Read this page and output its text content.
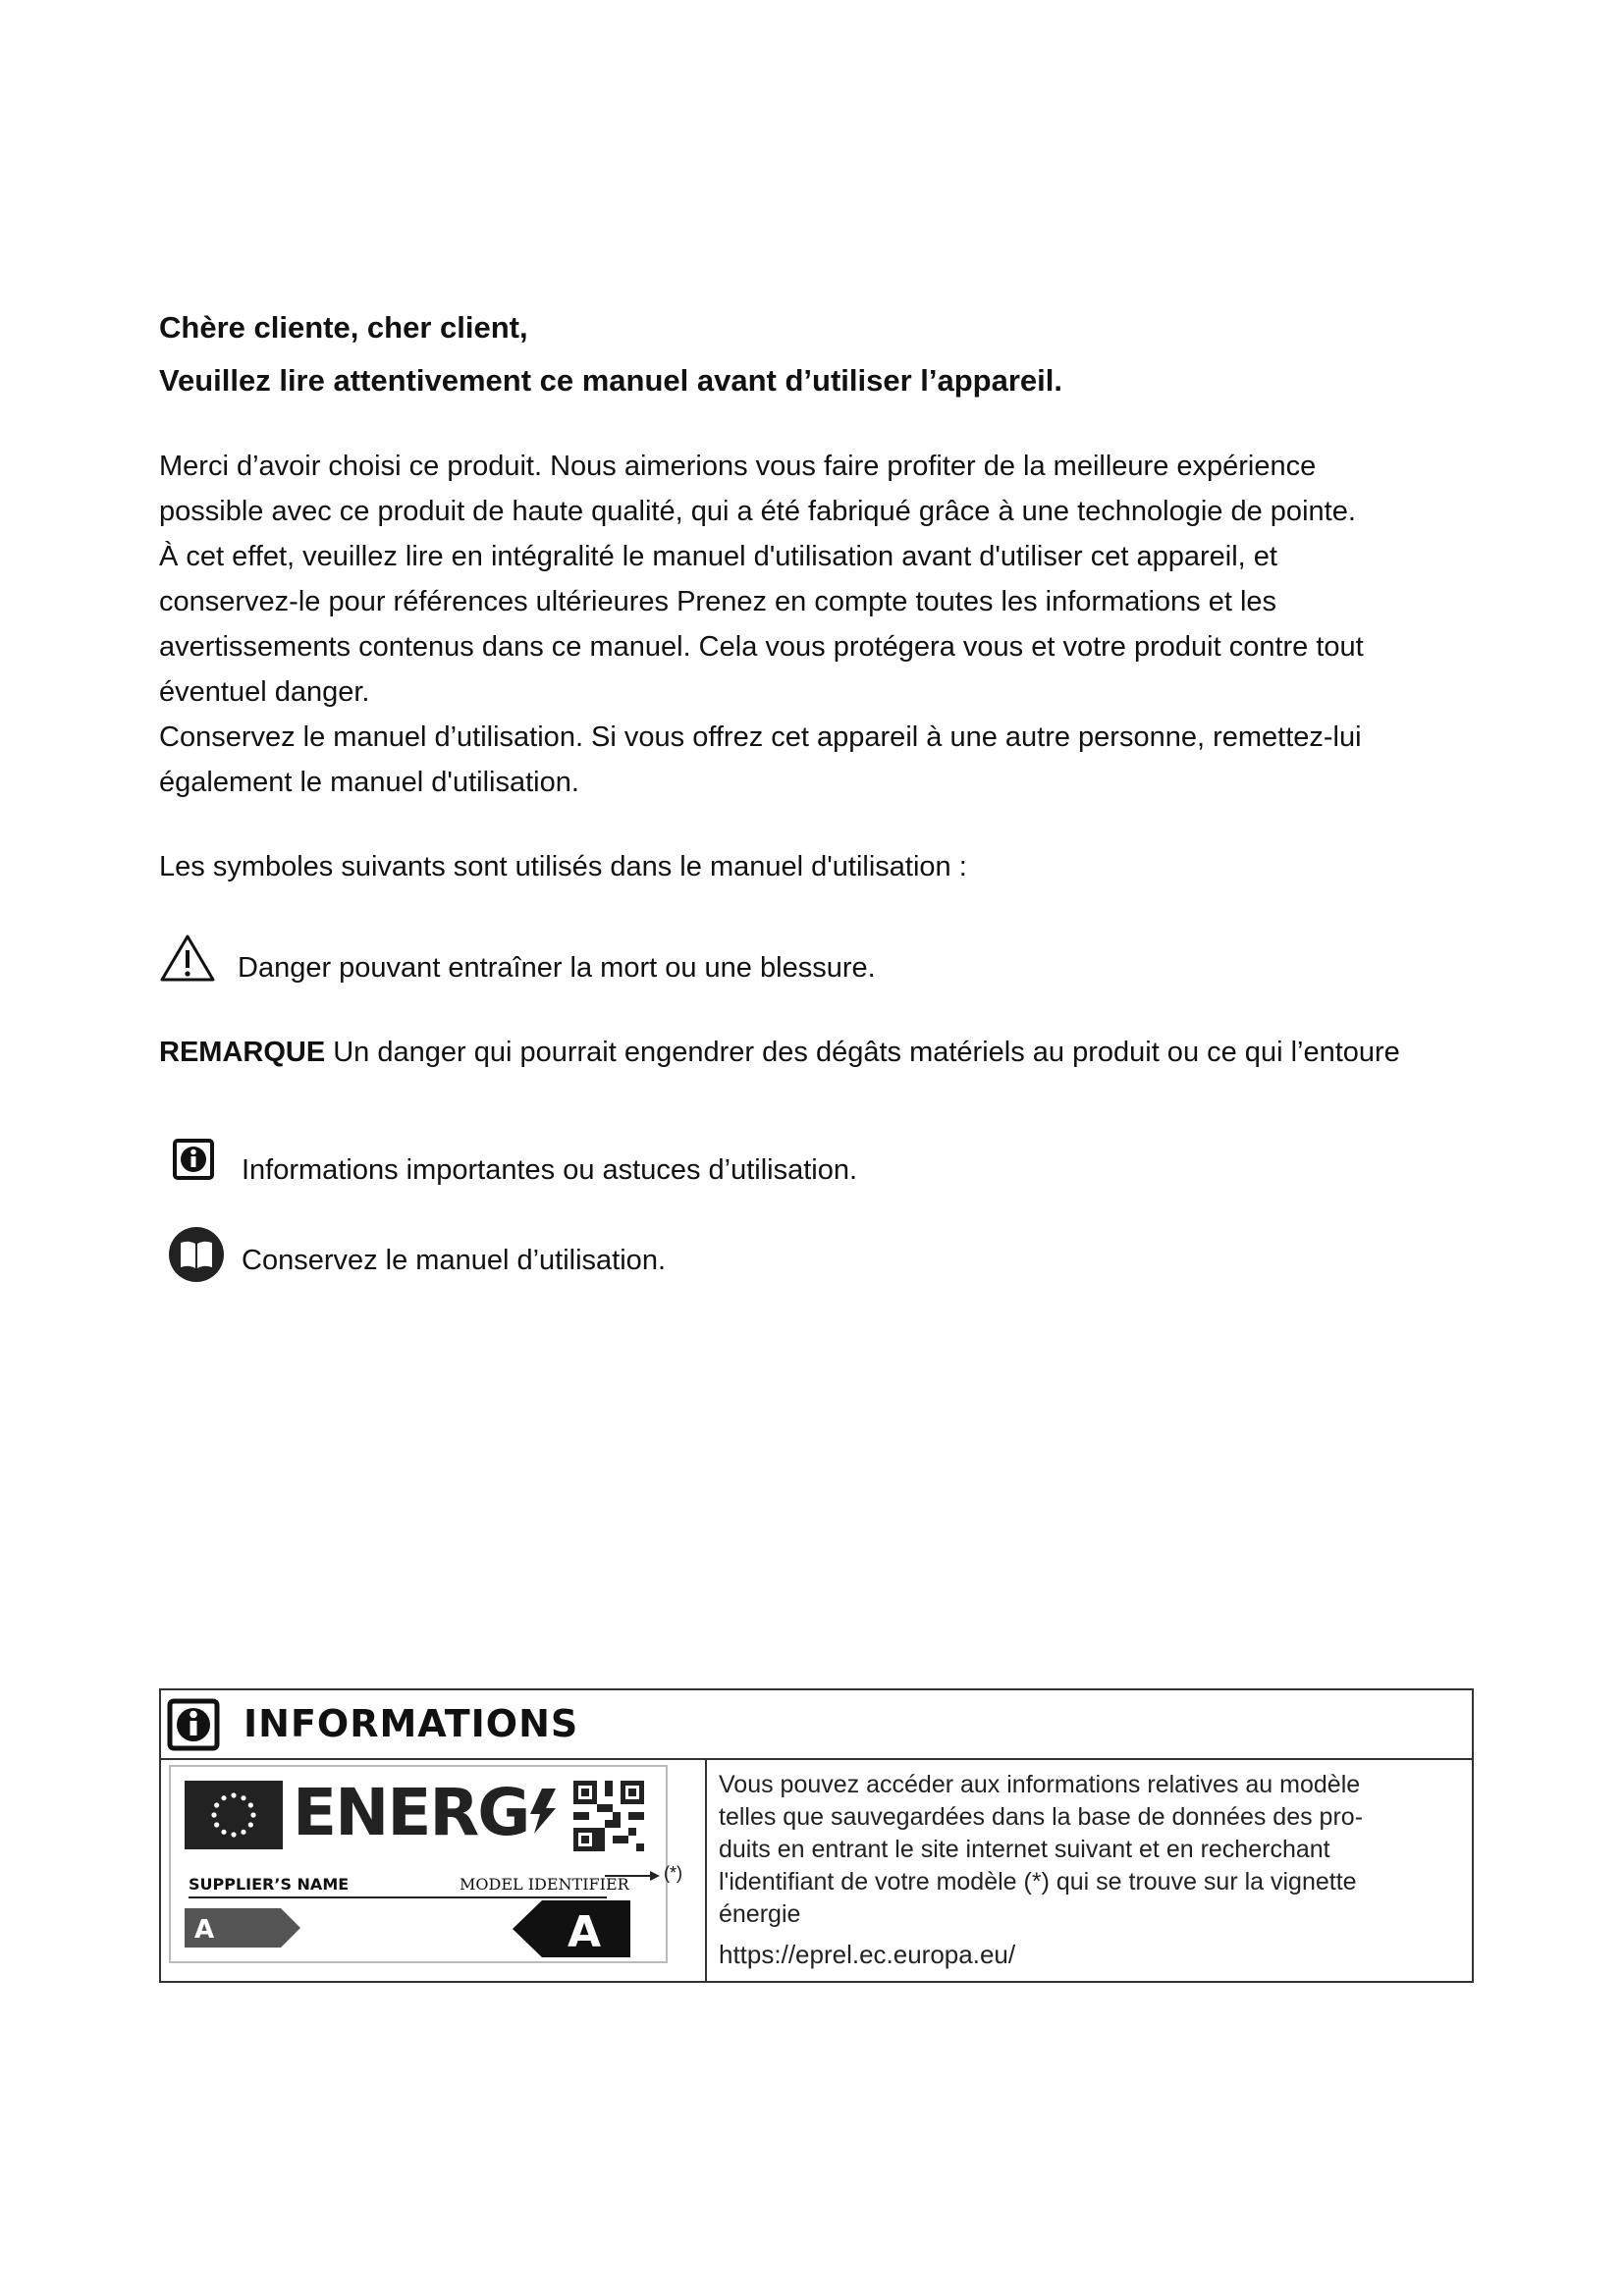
Chère cliente, cher client,
Veuillez lire attentivement ce manuel avant d’utiliser l’appareil.

Merci d’avoir choisi ce produit. Nous aimerions vous faire profiter de la meilleure expérience

possible avec ce produit de haute qualité, qui a été fabriqué grâce à une technologie de pointe.

À cet effet, veuillez lire en intégralité le manuel d'utilisation avant d'utiliser cet appareil, et

conservez-le pour références ultérieures Prenez en compte toutes les informations et les

avertissements contenus dans ce manuel. Cela vous protégera vous et votre produit contre tout

éventuel danger.

Conservez le manuel d’utilisation. Si vous offrez cet appareil à une autre personne, remettez-lui

également le manuel d'utilisation.

Les symboles suivants sont utilisés dans le manuel d'utilisation :

Danger pouvant entraîner la mort ou une blessure.
REMARQUE Un danger qui pourrait engendrer des dégâts matériels au produit ou ce qui l’entoure
Informations importantes ou astuces d’utilisation.
Conservez le manuel d’utilisation.
INFORMATIONS
ENERG
SUPPLIER’S NAME	MODEL IDENTIFIER
A	A
(*)
Vous pouvez accéder aux informations relatives au modèle
telles que sauvegardées dans la base de données des pro-
duits en entrant le site internet suivant et en recherchant
l'identifiant de votre modèle (*) qui se trouve sur la vignette
énergie
https://eprel.ec.europa.eu/
